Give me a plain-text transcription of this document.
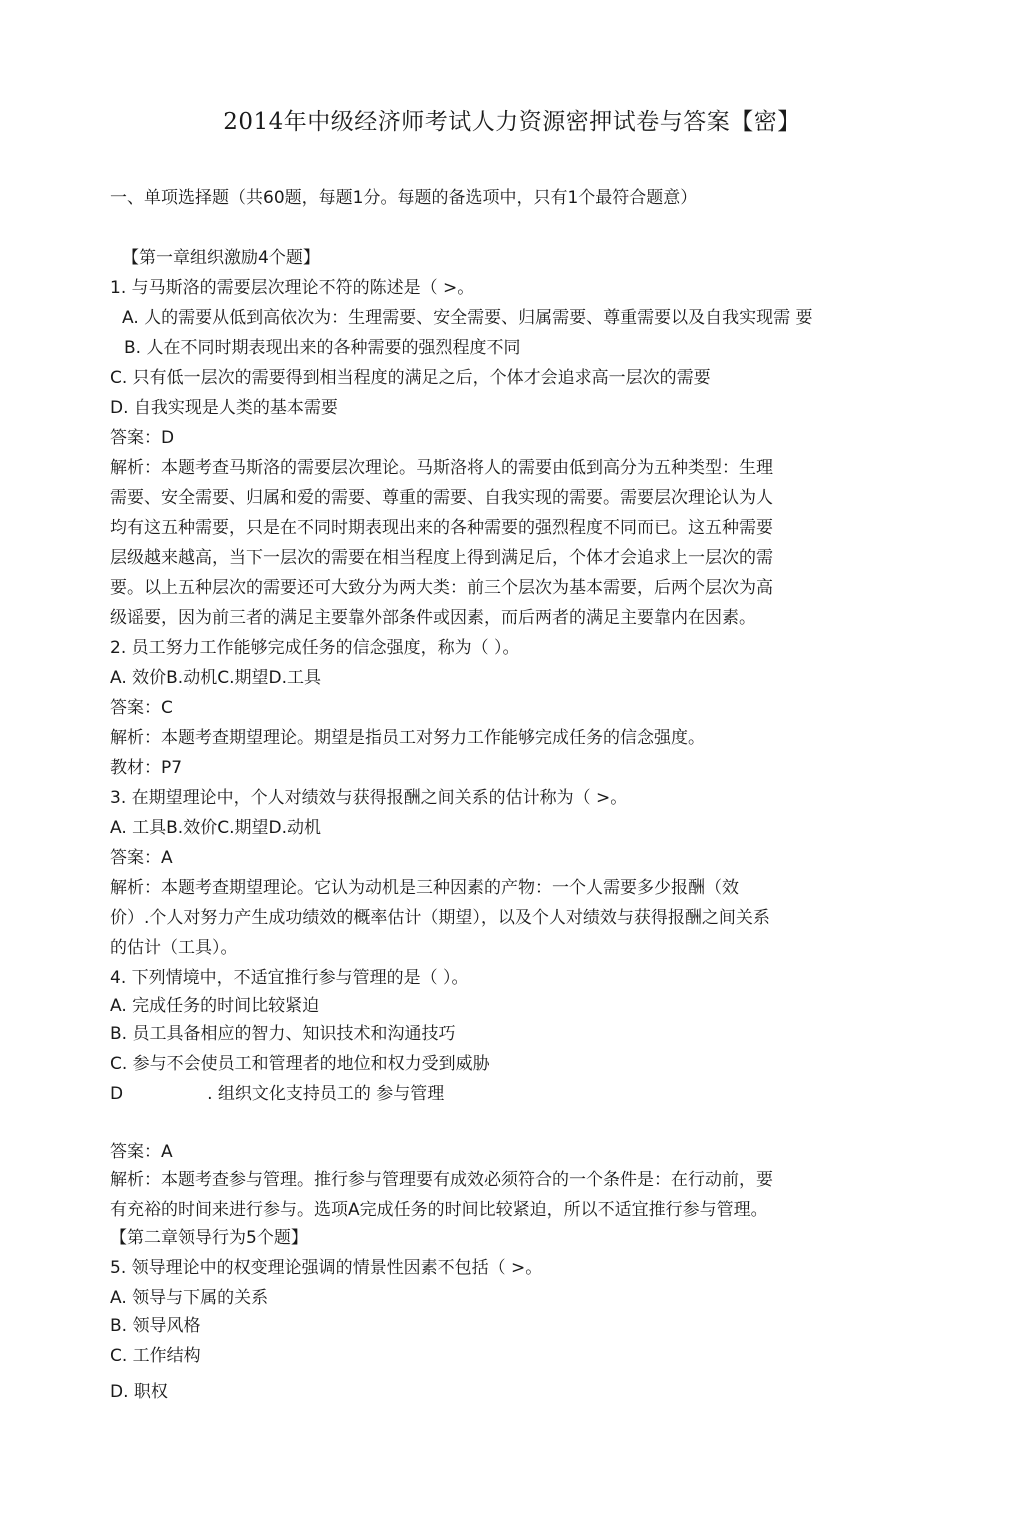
2014年中级经济师考试人力资源密押试卷与答案【密】
一、单项选择题（共60题，每题1分。每题的备选项中，只有1个最符合题意）
【第一章组织激励4个题】
1. 与马斯洛的需要层次理论不符的陈述是（ >。
A. 人的需要从低到高依次为：生理需要、安全需要、归属需要、尊重需要以及自我实现需 要
B. 人在不同时期表现出来的各种需要的强烈程度不同
C. 只有低一层次的需要得到相当程度的满足之后，个体才会追求高一层次的需要
D. 自我实现是人类的基本需要
答案：D
解析：本题考查马斯洛的需要层次理论。马斯洛将人的需要由低到高分为五种类型：生理
需要、安全需要、归属和爱的需要、尊重的需要、自我实现的需要。需要层次理论认为人
均有这五种需要，只是在不同时期表现出来的各种需要的强烈程度不同而已。这五种需要
层级越来越高，当下一层次的需要在相当程度上得到满足后，个体才会追求上一层次的需
要。以上五种层次的需要还可大致分为两大类：前三个层次为基本需要，后两个层次为高
级谣要，因为前三者的满足主要靠外部条件或因素，而后两者的满足主要靠内在因素。
2. 员工努力工作能够完成任务的信念强度，称为（ ）。
A. 效价B.动机C.期望D.工具
答案：C
解析：本题考查期望理论。期望是指员工对努力工作能够完成任务的信念强度。
教材：P7
3. 在期望理论中，个人对绩效与获得报酬之间关系的估计称为（ >。
A. 工具B.效价C.期望D.动机
答案：A
解析：本题考查期望理论。它认为动机是三种因素的产物：一个人需要多少报酬（效
价）.个人对努力产生成功绩效的概率估计（期望），以及个人对绩效与获得报酬之间关系
的估计（工具）。
4. 下列情境中，不适宜推行参与管理的是（ ）。
A. 完成任务的时间比较紧迫
B. 员工具备相应的智力、知识技术和沟通技巧
C. 参与不会使员工和管理者的地位和权力受到威胁
D	. 组织文化支持员工的 参与管理
答案：A
解析：本题考查参与管理。推行参与管理要有成效必须符合的一个条件是：在行动前，要
有充裕的时间来进行参与。选项A完成任务的时间比较紧迫，所以不适宜推行参与管理。
【第二章领导行为5个题】
5. 领导理论中的权变理论强调的情景性因素不包括（ >。
A. 领导与下属的关系
B. 领导风格
C. 工作结构
D. 职权
